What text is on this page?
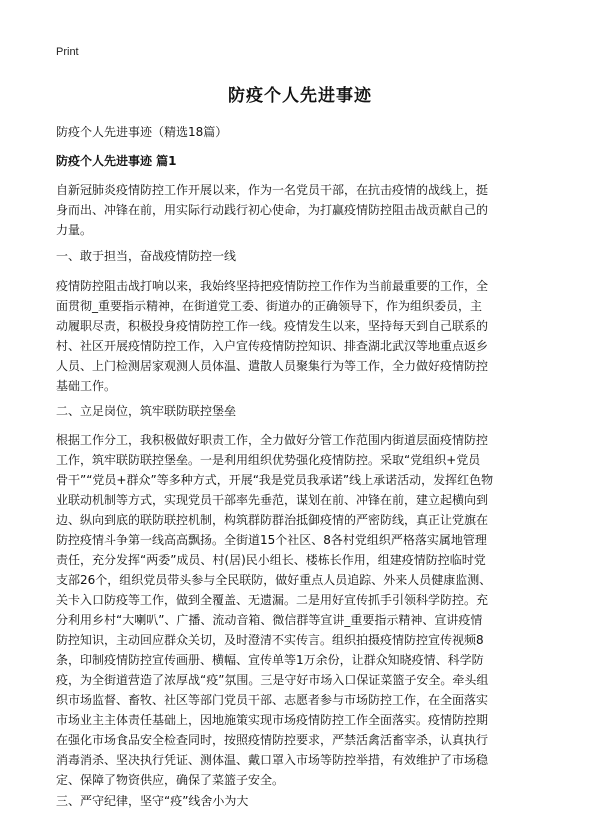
Print
防疫个人先进事迹
防疫个人先进事迹（精选18篇）
防疫个人先进事迹 篇1
自新冠肺炎疫情防控工作开展以来，作为一名党员干部，在抗击疫情的战线上，挺
身而出、冲锋在前，用实际行动践行初心使命，为打赢疫情防控阻击战贡献自己的
力量。
一、敢于担当，奋战疫情防控一线
疫情防控阻击战打响以来，我始终坚持把疫情防控工作作为当前最重要的工作，全
面贯彻_重要指示精神，在街道党工委、街道办的正确领导下，作为组织委员，主
动履职尽责，积极投身疫情防控工作一线。疫情发生以来，坚持每天到自己联系的
村、社区开展疫情防控工作，入户宣传疫情防控知识、排查湖北武汉等地重点返乡
人员、上门检测居家观测人员体温、遣散人员聚集行为等工作，全力做好疫情防控
基础工作。
二、立足岗位，筑牢联防联控堡垒
根据工作分工，我积极做好职责工作，全力做好分管工作范围内街道层面疫情防控
工作，筑牢联防联控堡垒。一是利用组织优势强化疫情防控。采取“党组织+党员
骨干”“党员+群众”等多种方式，开展“我是党员我承诺”线上承诺活动，发挥红色物
业联动机制等方式，实现党员干部率先垂范，谋划在前、冲锋在前，建立起横向到
边、纵向到底的联防联控机制，构筑群防群治抵御疫情的严密防线，真正让党旗在
防控疫情斗争第一线高高飘扬。全街道15个社区、8各村党组织严格落实属地管理
责任，充分发挥“两委”成员、村(居)民小组长、楼栋长作用，组建疫情防控临时党
支部26个，组织党员带头参与全民联防，做好重点人员追踪、外来人员健康监测、
关卡入口防疫等工作，做到全覆盖、无遗漏。二是用好宣传抓手引领科学防控。充
分利用乡村“大喇叭”、广播、流动音箱、微信群等宣讲_重要指示精神、宣讲疫情
防控知识，主动回应群众关切，及时澄清不实传言。组织拍摄疫情防控宣传视频8
条，印制疫情防控宣传画册、横幅、宣传单等1万余份，让群众知晓疫情、科学防
疫，为全街道营造了浓厚战“疫”氛围。三是守好市场入口保证菜篮子安全。牵头组
织市场监督、畜牧、社区等部门党员干部、志愿者参与市场防控工作，在全面落实
市场业主主体责任基础上，因地施策实现市场疫情防控工作全面落实。疫情防控期
在强化市场食品安全检查同时，按照疫情防控要求，严禁活禽活畜宰杀，认真执行
消毒消杀、坚决执行凭证、测体温、戴口罩入市场等防控举措，有效维护了市场稳
定、保障了物资供应，确保了菜篮子安全。
三、严守纪律，坚守“疫”线舍小为大
